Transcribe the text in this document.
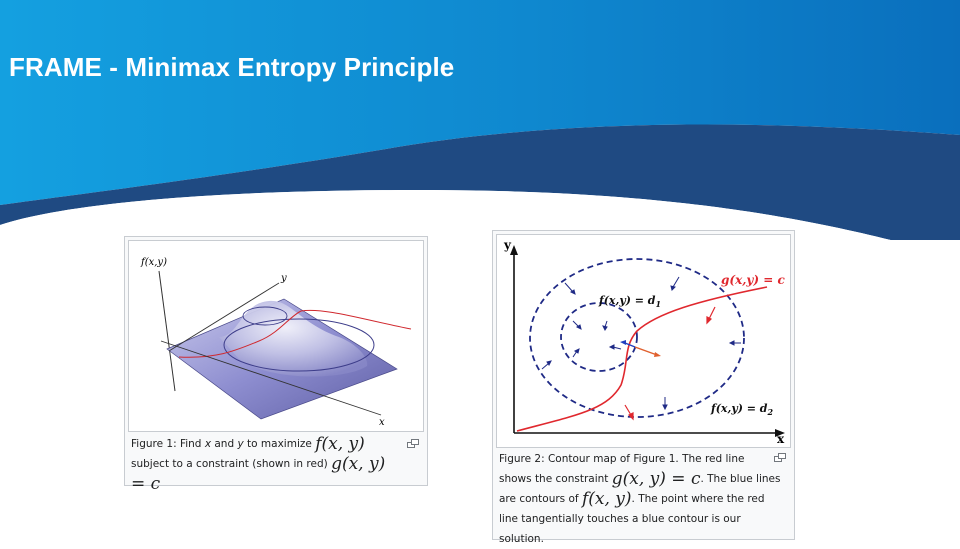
FRAME - Minimax Entropy Principle
f(x,y)
y
x
Figure 1: Find x and y to maximize f(x, y)
subject to a constraint (shown in red) g(x, y) = c
y
x
g(x,y) = c
$f(x,y) = d_1$
$f(x,y) = d_2$
Figure 2: Contour map of Figure 1. The red line
shows the constraint g(x, y) = c. The blue lines
are contours of f(x, y). The point where the red
line tangentially touches a blue contour is our
solution.
